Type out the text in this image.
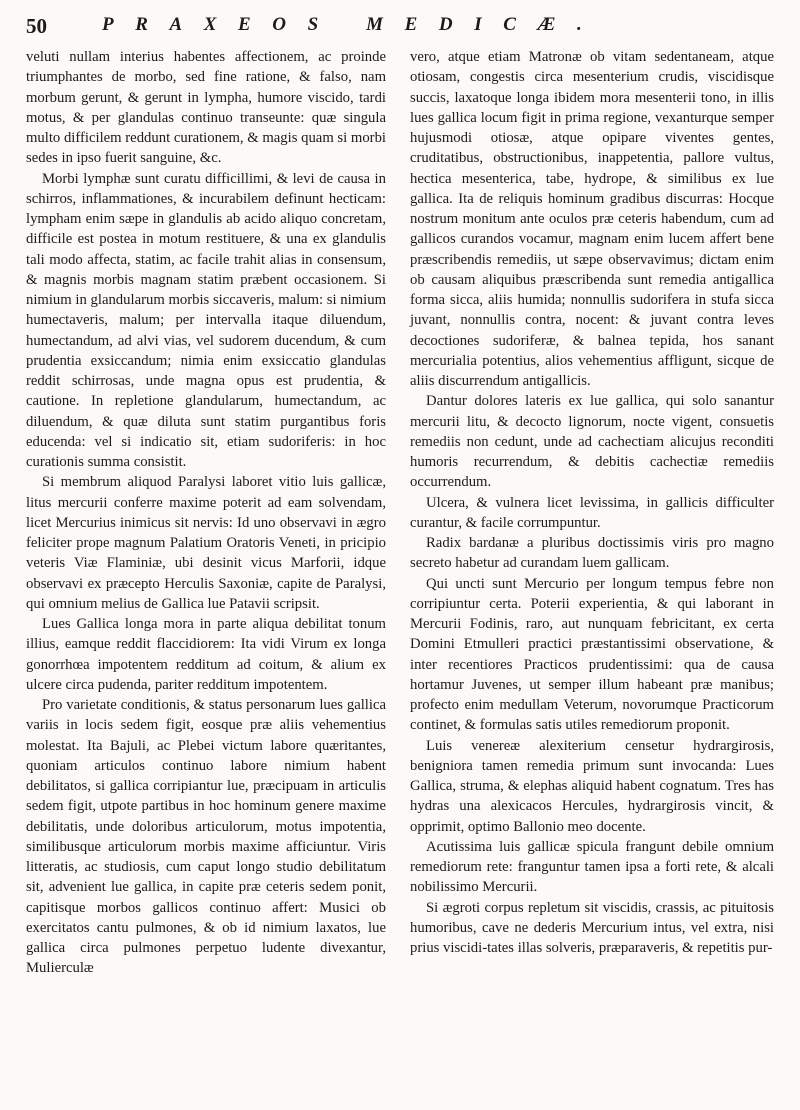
50	PRAXEOS MEDICÆ.

veluti nullam interius habentes affectionem, ac proinde triumphantes de morbo, sed fine ratione, & falso, nam morbum gerunt, & gerunt in lympha, humore viscido, tardi motus, & per glandulas continuo transeunte: quæ singula multo difficilem reddunt curationem, & magis quam si morbi sedes in ipso fuerit sanguine, &c.

Morbi lymphæ sunt curatu difficillimi, & levi de causa in schirros, inflammationes, & incurabilem definunt hecticam: lympham enim sæpe in glandulis ab acido aliquo concretam, difficile est postea in motum restituere, & una ex glandulis tali modo affecta, statim, ac facile trahit alias in consensum, & magnis morbis magnam statim præbent occasionem. Si nimium in glandularum morbis siccaveris, malum: si nimium humectaveris, malum; per intervalla itaque diluendum, humectandum, ad alvi vias, vel sudorem ducendum, & cum prudentia exsiccandum; nimia enim exsiccatio glandulas reddit schirrosas, unde magna opus est prudentia, & cautione. In repletione glandularum, humectandum, ac diluendum, & quæ diluta sunt statim purgantibus foris educenda: vel si indicatio sit, etiam sudoriferis: in hoc curationis summa consistit.

Si membrum aliquod Paralysi laboret vitio luis gallicæ, litus mercurii conferre maxime poterit ad eam solvendam, licet Mercurius inimicus sit nervis: Id uno observavi in ægro feliciter prope magnum Palatium Oratoris Veneti, in pricipio veteris Viæ Flaminiæ, ubi desinit vicus Marforii, idque observavi ex præcepto Herculis Saxoniæ, capite de Paralysi, qui omnium melius de Gallica lue Patavii scripsit.

Lues Gallica longa mora in parte aliqua debilitat tonum illius, eamque reddit flaccidiorem: Ita vidi Virum ex longa gonorrhœa impotentem redditum ad coitum, & alium ex ulcere circa pudenda, pariter redditum impotentem.

Pro varietate conditionis, & status personarum lues gallica variis in locis sedem figit, eosque præ aliis vehementius molestat. Ita Bajuli, ac Plebei victum labore quæritantes, quoniam articulos continuo labore nimium habent debilitatos, si gallica corripiantur lue, præcipuam in articulis sedem figit, utpote partibus in hoc hominum genere maxime debilitatis, unde doloribus articulorum, motus impotentia, similibusque articulorum morbis maxime afficiuntur. Viris litteratis, ac studiosis, cum caput longo studio debilitatum sit, advenient lue gallica, in capite præ ceteris sedem ponit, capitisque morbos gallicos continuo affert: Musici ob exercitatos cantu pulmones, & ob id nimium laxatos, lue gallica circa pulmones perpetuo ludente divexantur, Mulierculæ

vero, atque etiam Matronæ ob vitam sedentaneam, atque otiosam, congestis circa mesenterium crudis, viscidisque succis, laxatoque longa ibidem mora mesenterii tono, in illis lues gallica locum figit in prima regione, vexanturque semper hujusmodi otiosæ, atque opipare viventes gentes, cruditatibus, obstructionibus, inappetentia, pallore vultus, hectica mesenterica, tabe, hydrope, & similibus ex lue gallica. Ita de reliquis hominum gradibus discurras: Hocque nostrum monitum ante oculos præ ceteris habendum, cum ad gallicos curandos vocamur, magnam enim lucem affert bene præscribendis remediis, ut sæpe observavimus; dictam enim ob causam aliquibus præscribenda sunt remedia antigallica forma sicca, aliis humida; nonnullis sudorifera in stufa sicca juvant, nonnullis contra, nocent: & juvant contra leves decoctiones sudoriferæ, & balnea tepida, hos sanant mercurialia potentius, alios vehementius affligunt, sicque de aliis discurrendum antigallicis.

Dantur dolores lateris ex lue gallica, qui solo sanantur mercurii litu, & decocto lignorum, nocte vigent, consuetis remediis non cedunt, unde ad cachectiam alicujus reconditi humoris recurrendum, & debitis cachectiæ remediis occurrendum.

Ulcera, & vulnera licet levissima, in gallicis difficulter curantur, & facile corrumpuntur.

Radix bardanæ a pluribus doctissimis viris pro magno secreto habetur ad curandam luem gallicam.

Qui uncti sunt Mercurio per longum tempus febre non corripiuntur certa. Poterii experientia, & qui laborant in Mercurii Fodinis, raro, aut nunquam febricitant, ex certa Domini Etmulleri practici præstantissimi observatione, & inter recentiores Practicos prudentissimi: qua de causa hortamur Juvenes, ut semper illum habeant præ manibus; profecto enim medullam Veterum, novorumque Practicorum continet, & formulas satis utiles remediorum proponit.

Luis venereæ alexiterium censetur hydrargirosis, benigniora tamen remedia primum sunt invocanda: Lues Gallica, struma, & elephas aliquid habent cognatum. Tres has hydras una alexicacos Hercules, hydrargirosis vincit, & opprimit, optimo Ballonio meo docente.

Acutissima luis gallicæ spicula frangunt debile omnium remediorum rete: franguntur tamen ipsa a forti rete, & alcali nobilissimo Mercurii.

Si ægroti corpus repletum sit viscidis, crassis, ac pituitosis humoribus, cave ne dederis Mercurium intus, vel extra, nisi prius viscidi-tates illas solveris, præparaveris, & repetitis pur-
